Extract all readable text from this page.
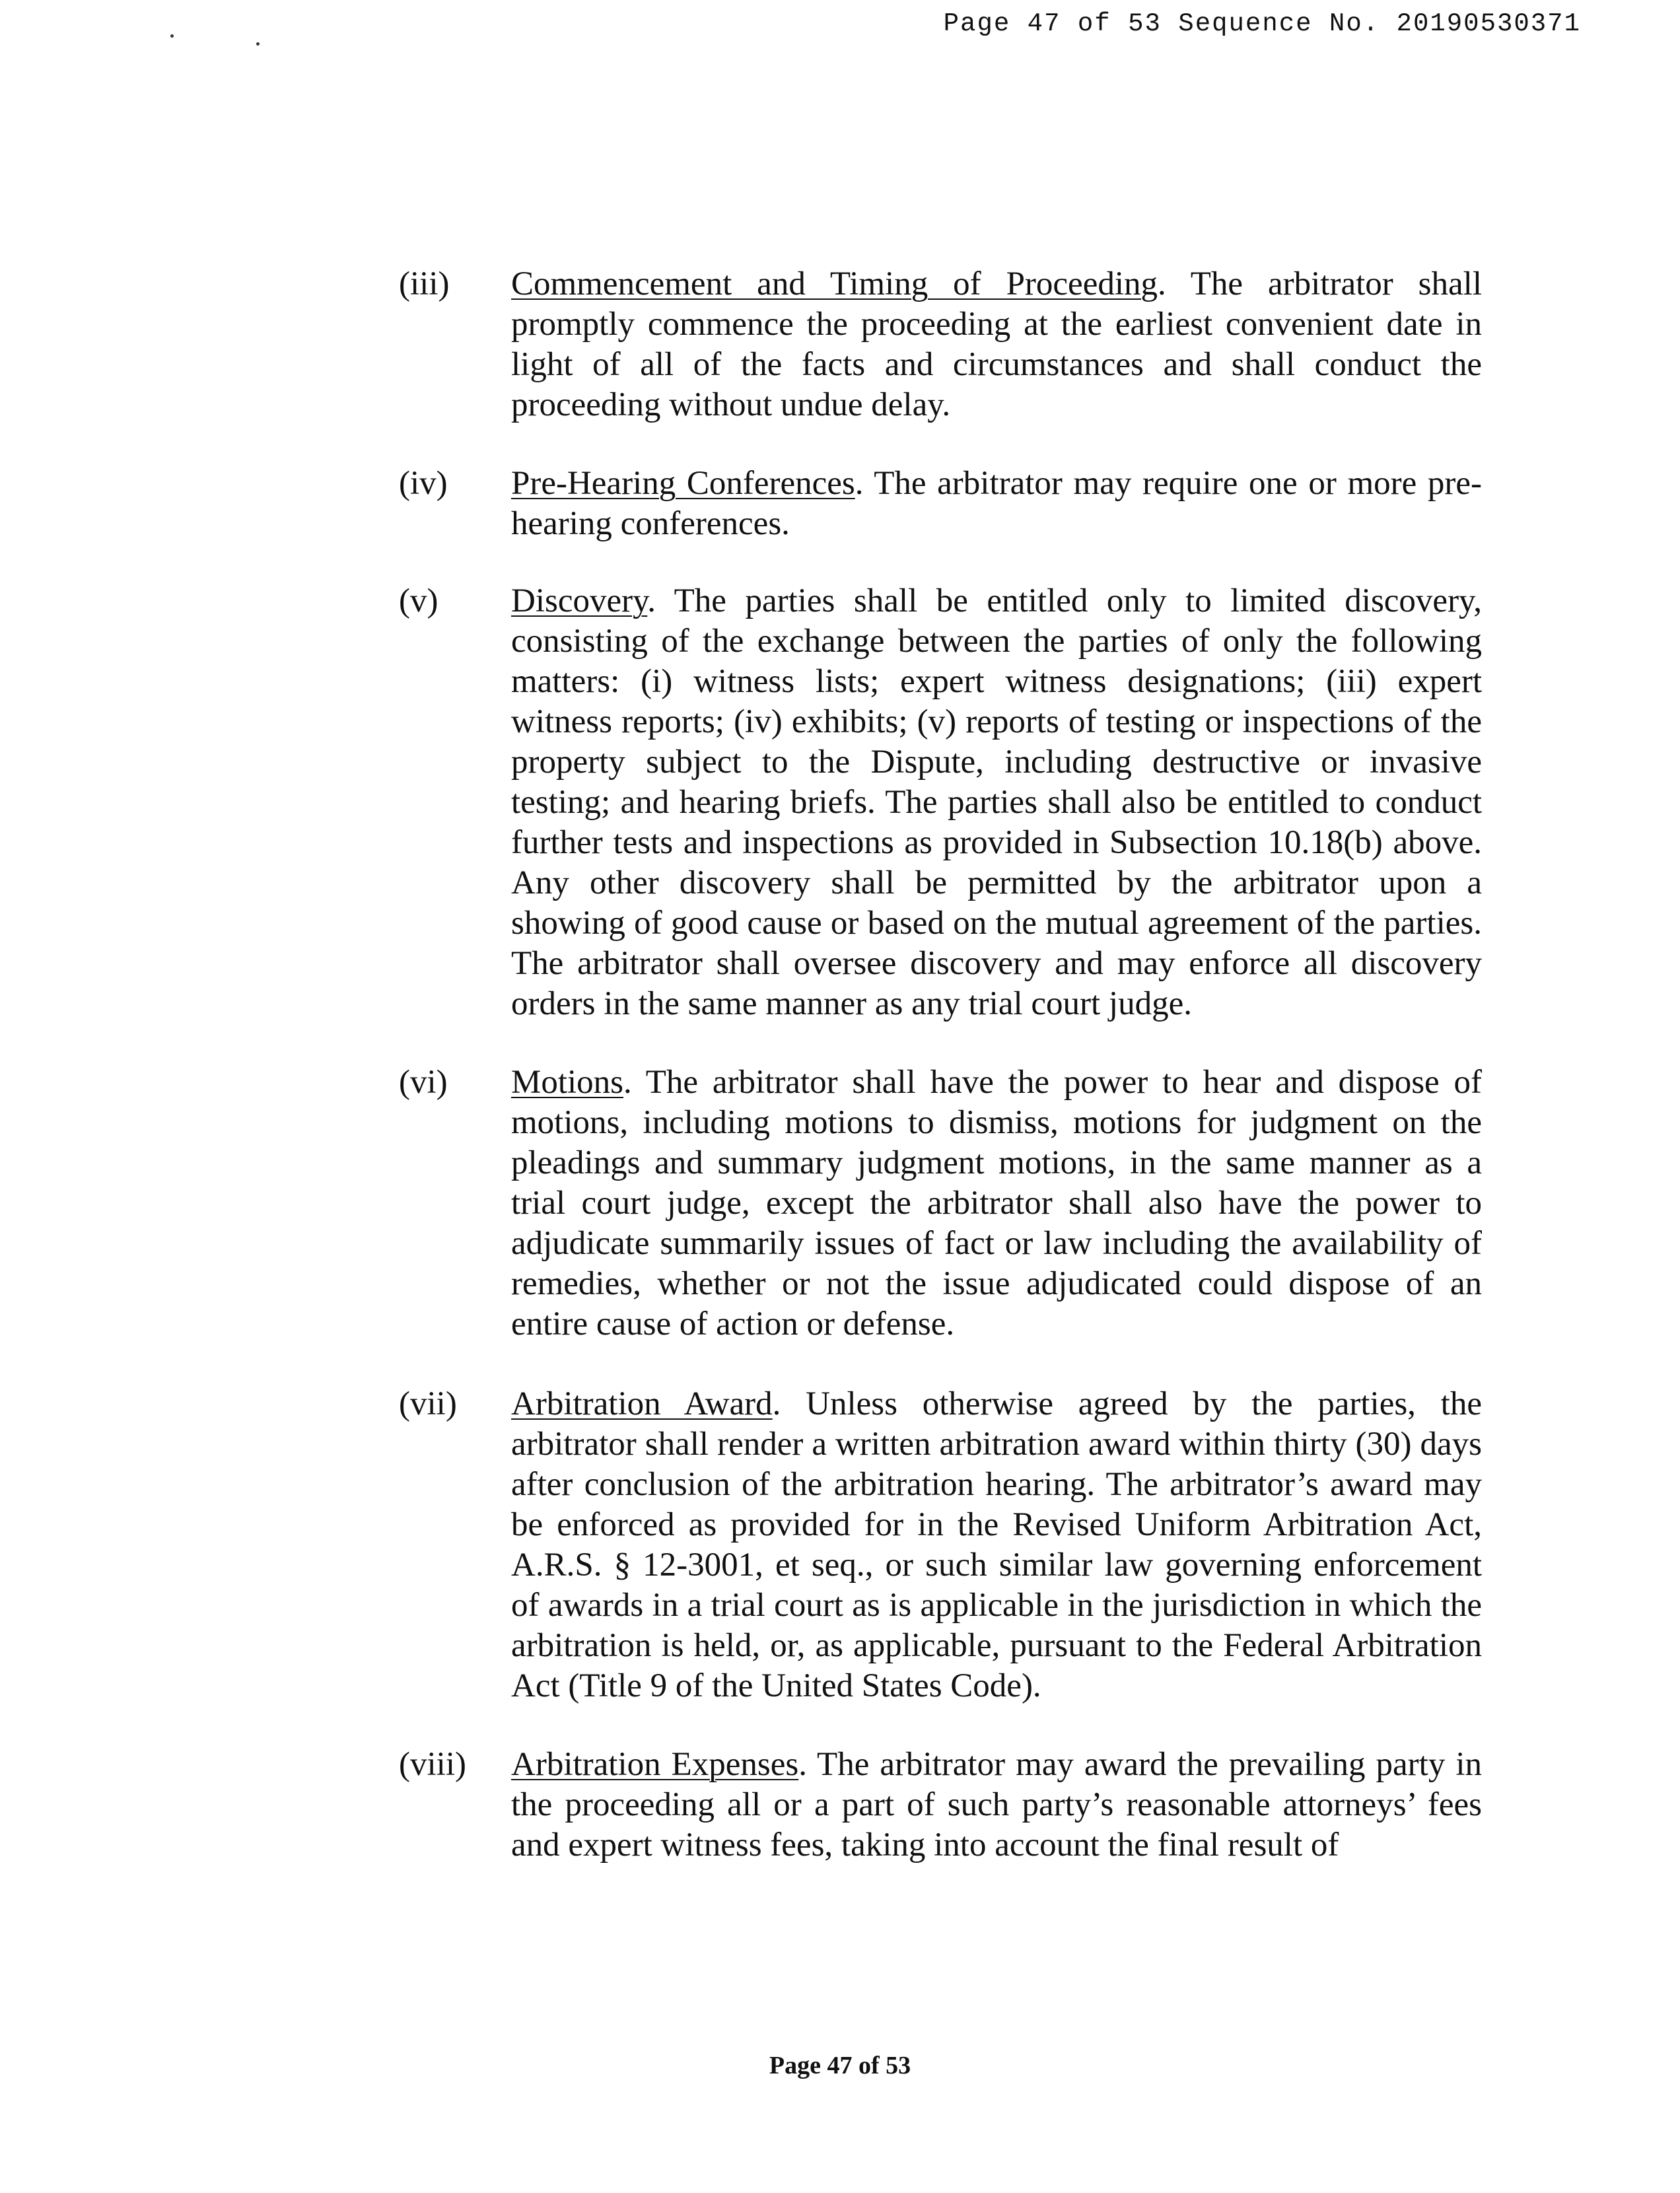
Page 47 of 53 Sequence No. 20190530371
(iii)	Commencement and Timing of Proceeding. The arbitrator shall promptly commence the proceeding at the earliest convenient date in light of all of the facts and circumstances and shall conduct the proceeding without undue delay.
(iv)	Pre-Hearing Conferences. The arbitrator may require one or more pre-hearing conferences.
(v)	Discovery. The parties shall be entitled only to limited discovery, consisting of the exchange between the parties of only the following matters: (i) witness lists; expert witness designations; (iii) expert witness reports; (iv) exhibits; (v) reports of testing or inspections of the property subject to the Dispute, including destructive or invasive testing; and hearing briefs. The parties shall also be entitled to conduct further tests and inspections as provided in Subsection 10.18(b) above. Any other discovery shall be permitted by the arbitrator upon a showing of good cause or based on the mutual agreement of the parties. The arbitrator shall oversee discovery and may enforce all discovery orders in the same manner as any trial court judge.
(vi)	Motions. The arbitrator shall have the power to hear and dispose of motions, including motions to dismiss, motions for judgment on the pleadings and summary judgment motions, in the same manner as a trial court judge, except the arbitrator shall also have the power to adjudicate summarily issues of fact or law including the availability of remedies, whether or not the issue adjudicated could dispose of an entire cause of action or defense.
(vii)	Arbitration Award. Unless otherwise agreed by the parties, the arbitrator shall render a written arbitration award within thirty (30) days after conclusion of the arbitration hearing. The arbitrator’s award may be enforced as provided for in the Revised Uniform Arbitration Act, A.R.S. § 12-3001, et seq., or such similar law governing enforcement of awards in a trial court as is applicable in the jurisdiction in which the arbitration is held, or, as applicable, pursuant to the Federal Arbitration Act (Title 9 of the United States Code).
(viii)	Arbitration Expenses. The arbitrator may award the prevailing party in the proceeding all or a part of such party’s reasonable attorneys’ fees and expert witness fees, taking into account the final result of
Page 47 of 53
